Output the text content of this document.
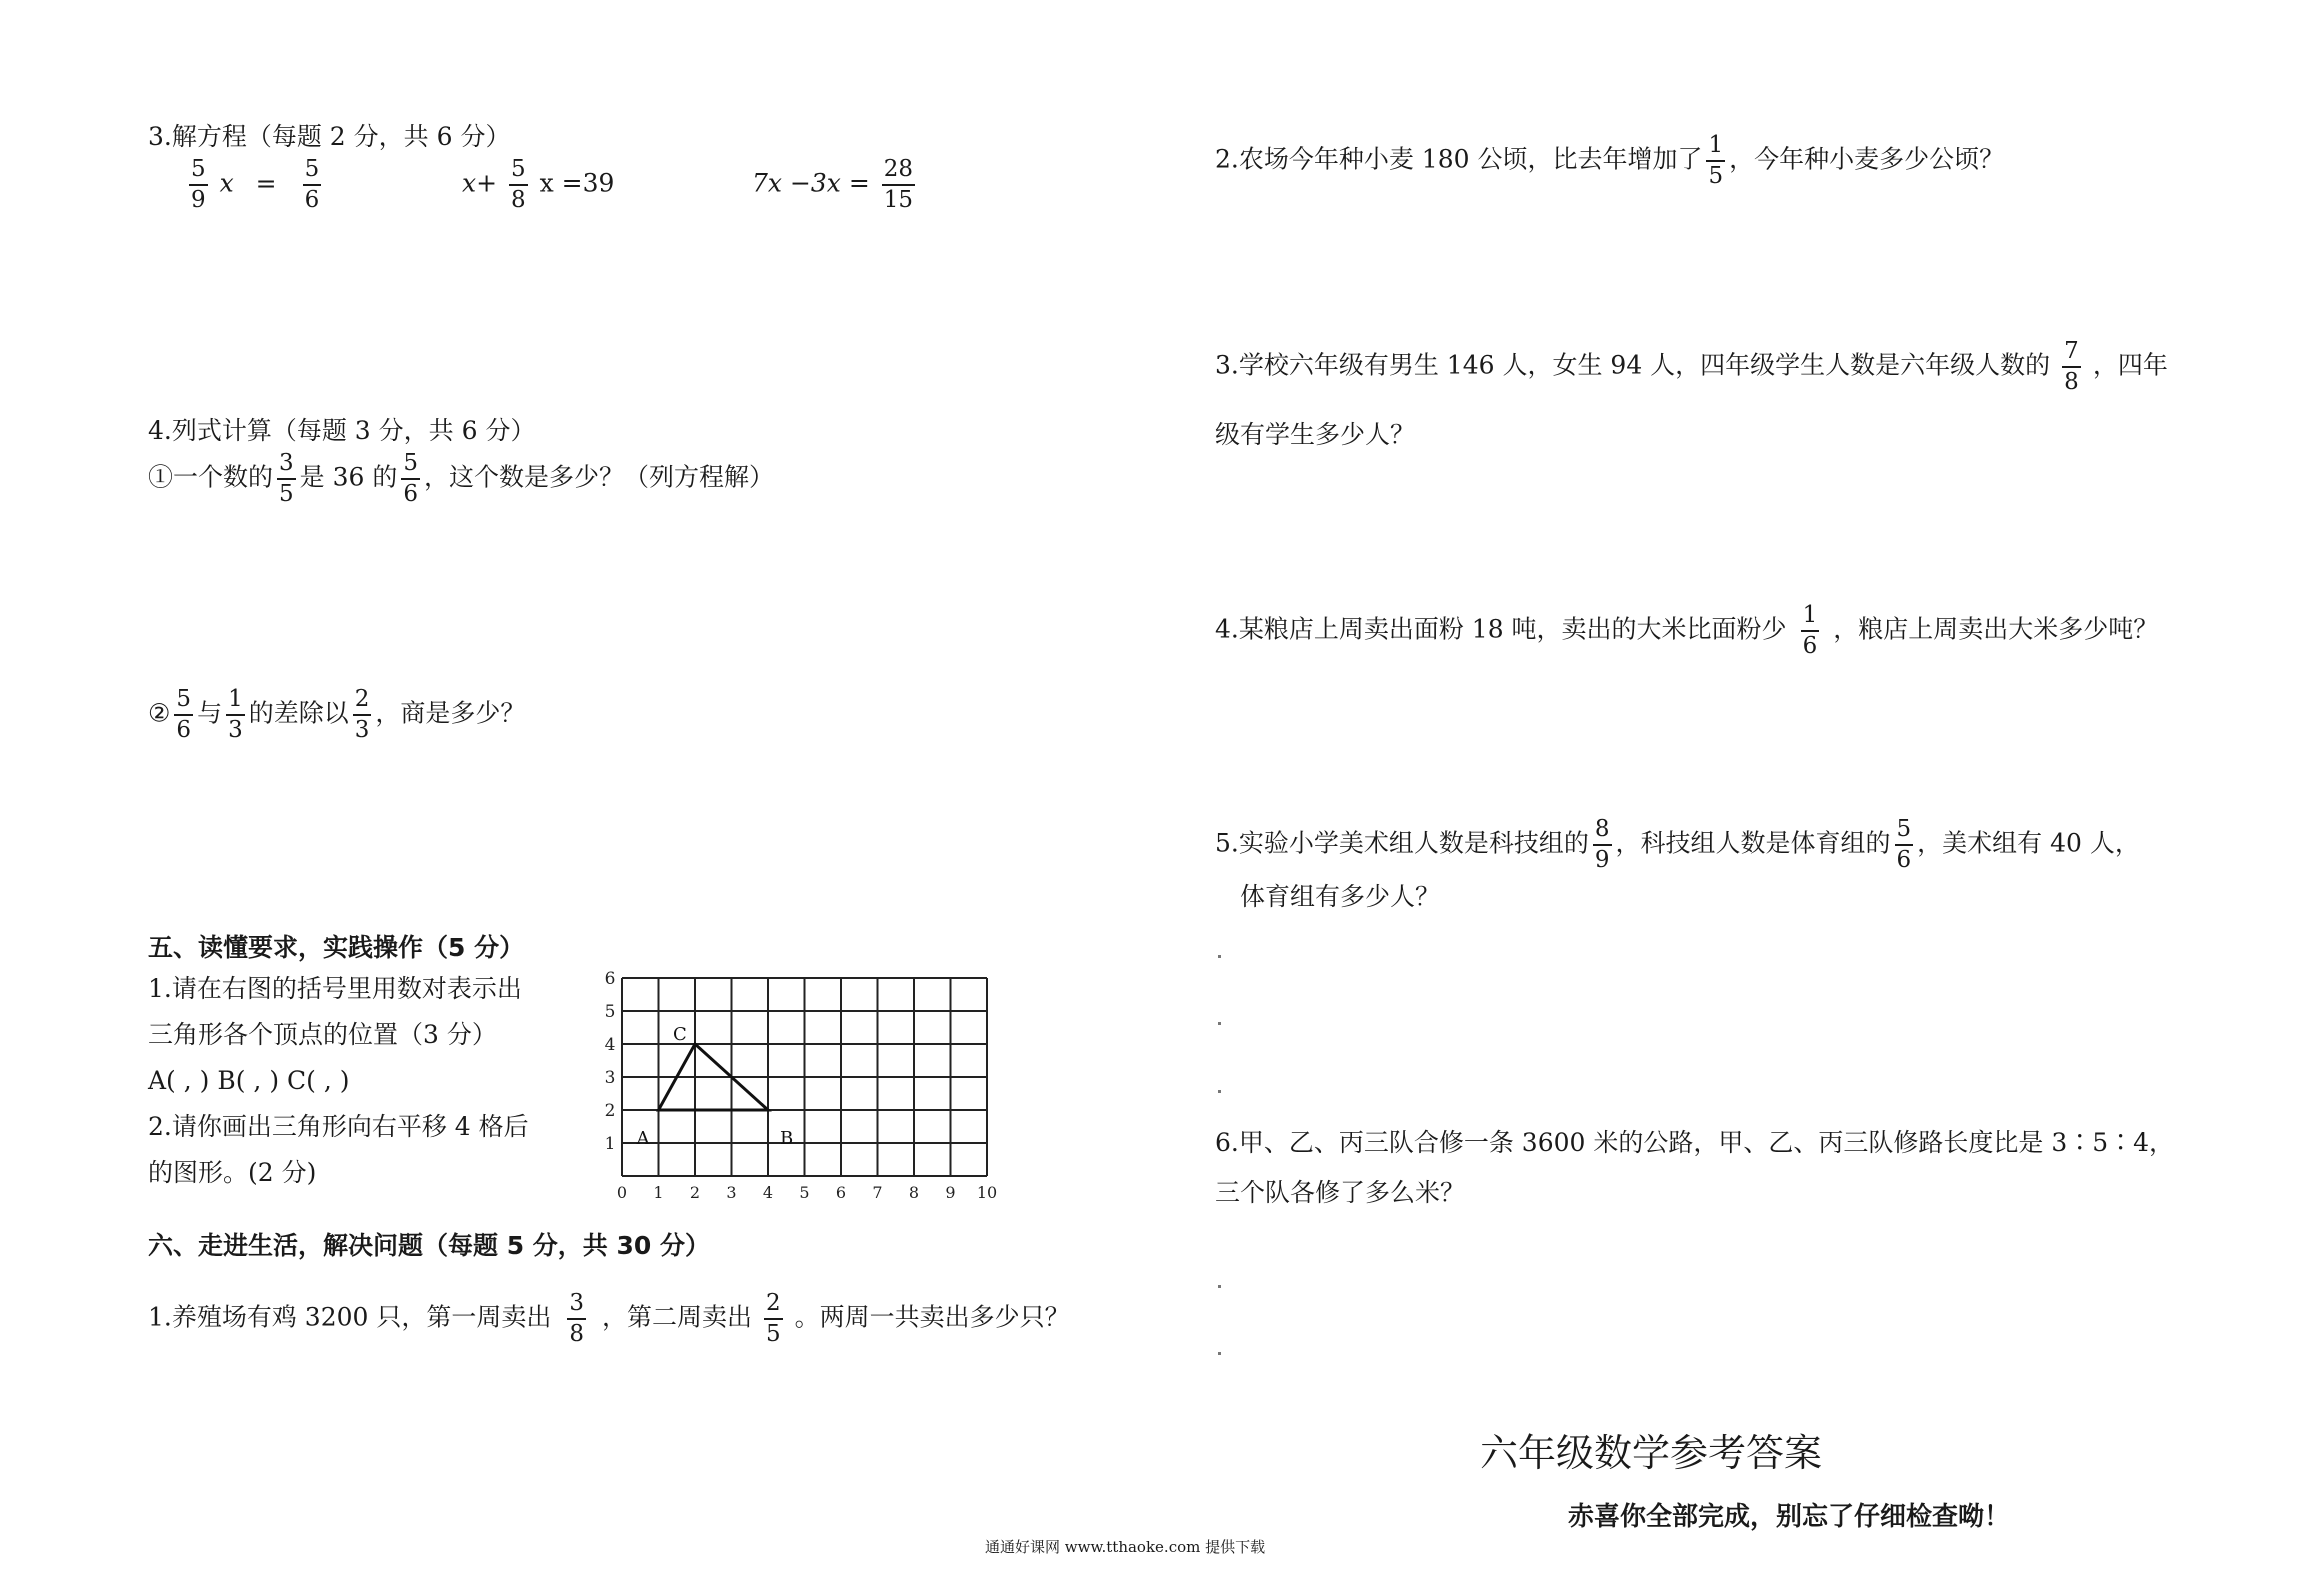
3.解方程（每题 2 分，共 6 分）
$\frac{5}{9}$ $x = \frac{5}{6}$	$x+ \frac{5}{8}$ x =39	$7x -3x = \frac{28}{15}$
4.列式计算（每题 3 分，共 6 分）
①一个数的 $\frac{3}{5}$ 是 36 的 $\frac{5}{6}$ ，这个数是多少？（列方程解）
② $\frac{5}{6}$ 与 $\frac{1}{3}$ 的差除以 $\frac{2}{3}$ ，商是多少？
五、读懂要求，实践操作（5 分）
1.请在右图的括号里用数对表示出
三角形各个顶点的位置（3 分）
A( , ) B( , ) C( , )
2.请你画出三角形向右平移 4 格后
的图形。(2 分)
0 1 2 3 4 5 6 7 8 9 10
1
2
3
4
5
6
A	B
C
六、走进生活，解决问题（每题 5 分，共 30 分）
1.养殖场有鸡 3200 只，第一周卖出 $\frac{3}{8}$ ，第二周卖出 $\frac{2}{5}$ 。两周一共卖出多少只？
2.农场今年种小麦 180 公顷，比去年增加了 $\frac{1}{5}$ ，今年种小麦多少公顷？
3.学校六年级有男生 146 人，女生 94 人，四年级学生人数是六年级人数的 $\frac{7}{8}$ ，四年
级有学生多少人？
4.某粮店上周卖出面粉 18 吨，卖出的大米比面粉少 $\frac{1}{6}$ ，粮店上周卖出大米多少吨？
5.实验小学美术组人数是科技组的 $\frac{8}{9}$ ，科技组人数是体育组的 $\frac{5}{6}$ ，美术组有 40 人，
体育组有多少人？
6.甲、乙、丙三队合修一条 3600 米的公路，甲、乙、丙三队修路长度比是 3∶5∶4，
三个队各修了多么米？
六年级数学参考答案
赤喜你全部完成，别忘了仔细检查呦！
通通好课网 www.tthaoke.com 提供下载
